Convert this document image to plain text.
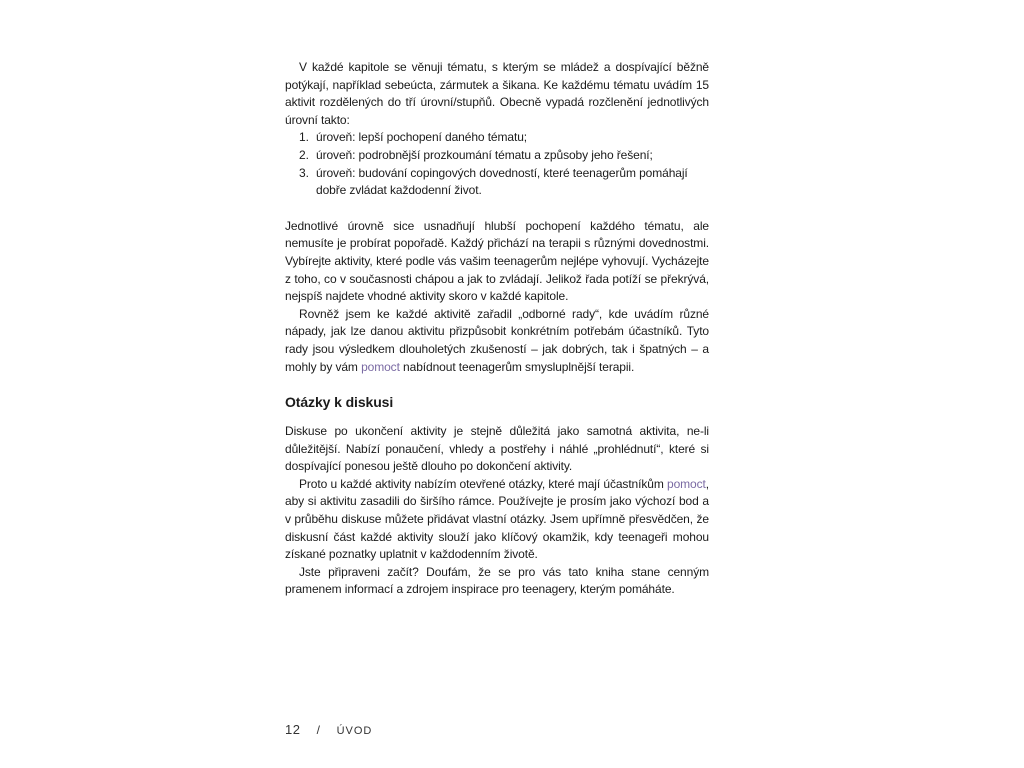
V každé kapitole se věnuji tématu, s kterým se mládež a dospívající běžně potýkají, například sebeúcta, zármutek a šikana. Ke každému tématu uvádím 15 aktivit rozdělených do tří úrovní/stupňů. Obecně vypadá rozčlenění jednotlivých úrovní takto:

1. úroveň: lepší pochopení daného tématu;
2. úroveň: podrobnější prozkoumání tématu a způsoby jeho řešení;
3. úroveň: budování copingových dovedností, které teenagerům pomáhají dobře zvládat každodenní život.

Jednotlivé úrovně sice usnadňují hlubší pochopení každého tématu, ale nemusíte je probírat popořadě. Každý přichází na terapii s různými dovednostmi. Vybírejte aktivity, které podle vás vašim teenagerům nejlépe vyhovují. Vycházejte z toho, co v současnosti chápou a jak to zvládají. Jelikož řada potíží se překrývá, nejspíš najdete vhodné aktivity skoro v každé kapitole.

Rovněž jsem ke každé aktivitě zařadil „odborné rady“, kde uvádím různé nápady, jak lze danou aktivitu přizpůsobit konkrétním potřebám účastníků. Tyto rady jsou výsledkem dlouholetých zkušeností – jak dobrých, tak i špatných – a mohly by vám pomoct nabídnout teenagerům smysluplnější terapii.

Otázky k diskusi

Diskuse po ukončení aktivity je stejně důležitá jako samotná aktivita, ne-li důležitější. Nabízí ponaučení, vhledy a postřehy i náhlé „prohlédnutí“, které si dospívající ponesou ještě dlouho po dokončení aktivity.

Proto u každé aktivity nabízím otevřené otázky, které mají účastníkům pomoct, aby si aktivitu zasadili do širšího rámce. Používejte je prosím jako výchozí bod a v průběhu diskuse můžete přidávat vlastní otázky. Jsem upřímně přesvědčen, že diskusní část každé aktivity slouží jako klíčový okamžik, kdy teenageři mohou získané poznatky uplatnit v každodenním životě.

Jste připraveni začít? Doufám, že se pro vás tato kniha stane cenným pramenem informací a zdrojem inspirace pro teenagery, kterým pomáháte.

12 / ÚVOD
